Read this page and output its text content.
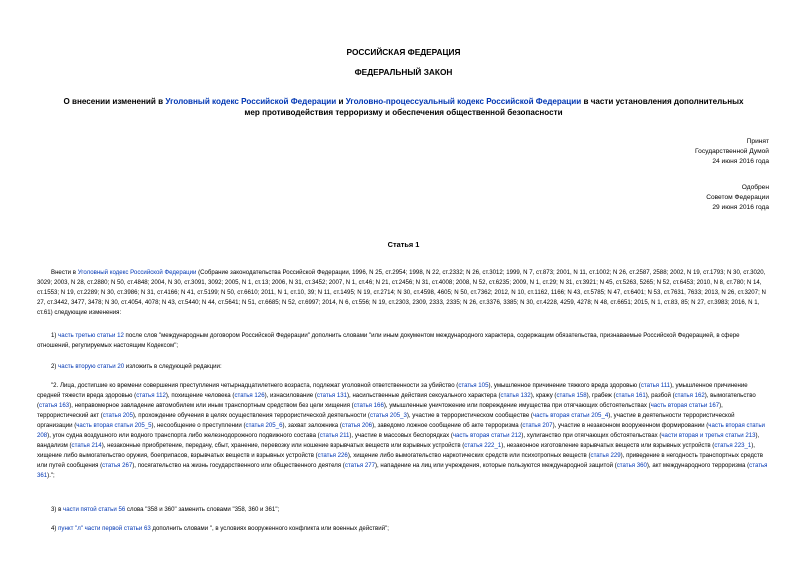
РОССИЙСКАЯ ФЕДЕРАЦИЯ
ФЕДЕРАЛЬНЫЙ ЗАКОН
О внесении изменений в Уголовный кодекс Российской Федерации и Уголовно-процессуальный кодекс Российской Федерации в части установления дополнительных мер противодействия терроризму и обеспечения общественной безопасности
Принят
Государственной Думой
24 июня 2016 года
Одобрен
Советом Федерации
29 июня 2016 года
Статья 1
Внести в Уголовный кодекс Российской Федерации (Собрание законодательства Российской Федерации, 1996, N 25, ст.2954; 1998, N 22, ст.2332; N 26, ст.3012; 1999, N 7, ст.873; 2001, N 11, ст.1002; N 26, ст.2587, 2588; 2002, N 19, ст.1793; N 30, ст.3020, 3029; 2003, N 28, ст.2880; N 50, ст.4848; 2004, N 30, ст.3091, 3092; 2005, N 1, ст.13; 2006, N 31, ст.3452; 2007, N 1, ст.46; N 21, ст.2456; N 31, ст.4008; 2008, N 52, ст.6235; 2009, N 1, ст.29; N 31, ст.3921; N 45, ст.5263, 5265; N 52, ст.6453; 2010, N 8, ст.780; N 14, ст.1553; N 19, ст.2289; N 30, ст.3986; N 31, ст.4166; N 41, ст.5199; N 50, ст.6610; 2011, N 1, ст.10, 39; N 11, ст.1495; N 19, ст.2714; N 30, ст.4598, 4605; N 50, ст.7362; 2012, N 10, ст.1162, 1166; N 43, ст.5785; N 47, ст.6401; N 53, ст.7631, 7633; 2013, N 26, ст.3207; N 27, ст.3442, 3477, 3478; N 30, ст.4054, 4078; N 43, ст.5440; N 44, ст.5641; N 51, ст.6685; N 52, ст.6997; 2014, N 6, ст.556; N 19, ст.2303, 2309, 2333, 2335; N 26, ст.3376, 3385; N 30, ст.4228, 4259, 4278; N 48, ст.6651; 2015, N 1, ст.83, 85; N 27, ст.3983; 2016, N 1, ст.61) следующие изменения:
1) часть третью статьи 12 после слов "международным договором Российской Федерации" дополнить словами "или иным документом международного характера, содержащим обязательства, признаваемые Российской Федерацией, в сфере отношений, регулируемых настоящим Кодексом";
2) часть вторую статьи 20 изложить в следующей редакции:
"2. Лица, достигшие ко времени совершения преступления четырнадцатилетнего возраста, подлежат уголовной ответственности за убийство (статья 105), умышленное причинение тяжкого вреда здоровью (статья 111), умышленное причинение средней тяжести вреда здоровью (статья 112), похищение человека (статья 126), изнасилование (статья 131), насильственные действия сексуального характера (статья 132), кражу (статья 158), грабеж (статья 161), разбой (статья 162), вымогательство (статья 163), неправомерное завладение автомобилем или иным транспортным средством без цели хищения (статья 166), умышленные уничтожение или повреждение имущества при отягчающих обстоятельствах (часть вторая статьи 167), террористический акт (статья 205), прохождение обучения в целях осуществления террористической деятельности (статья 205_3), участие в террористическом сообществе (часть вторая статьи 205_4), участие в деятельности террористической организации (часть вторая статьи 205_5), несообщение о преступлении (статья 205_6), захват заложника (статья 206), заведомо ложное сообщение об акте терроризма (статья 207), участие в незаконном вооруженном формировании (часть вторая статьи 208), угон судна воздушного или водного транспорта либо железнодорожного подвижного состава (статья 211), участие в массовых беспорядках (часть вторая статьи 212), хулиганство при отягчающих обстоятельствах (части вторая и третья статьи 213), вандализм (статья 214), незаконные приобретение, передачу, сбыт, хранение, перевозку или ношение взрывчатых веществ или взрывных устройств (статья 222_1), незаконное изготовление взрывчатых веществ или взрывных устройств (статья 223_1), хищение либо вымогательство оружия, боеприпасов, взрывчатых веществ и взрывных устройств (статья 226), хищение либо вымогательство наркотических средств или психотропных веществ (статья 229), приведение в негодность транспортных средств или путей сообщения (статья 267), посягательство на жизнь государственного или общественного деятеля (статья 277), нападение на лиц или учреждения, которые пользуются международной защитой (статья 360), акт международного терроризма (статья 361).";
3) в части пятой статьи 56 слова "358 и 360" заменить словами "358, 360 и 361";
4) пункт "л" части первой статьи 63 дополнить словами ", в условиях вооруженного конфликта или военных действий";
